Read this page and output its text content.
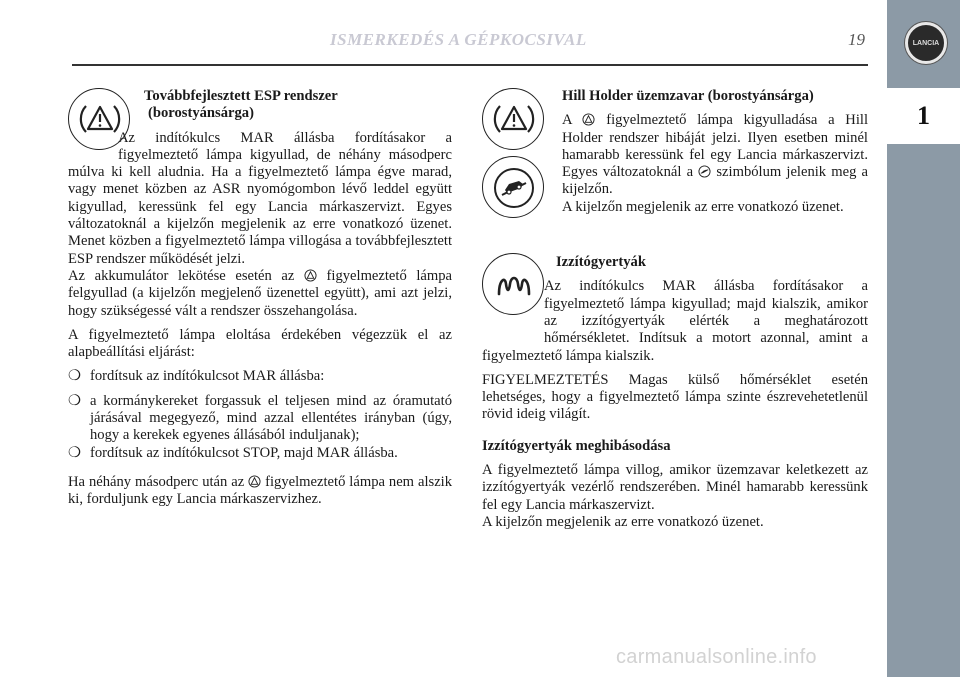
ISMERKEDÉS A GÉPKOCSIVAL	19	LANCIA
1

Továbbfejlesztett ESP rendszer

(borostyánsárga)

Az indítókulcs MAR állásba fordításakor a figyelmeztető lámpa kigyullad, de néhány másodperc múlva ki kell aludnia. Ha a figyelmeztető lámpa égve marad, vagy menet közben az ASR nyomógombon lévő leddel együtt kigyullad, keressünk fel egy Lancia márkaszervizt. Egyes változatoknál a kijelzőn megjelenik az erre vonatkozó üzenet. Menet közben a figyelmeztető lámpa villogása a továbbfejlesztett ESP rendszer működését jelzi.

Az akkumulátor lekötése esetén az figyelmeztető lámpa felgyullad (a kijelzőn megjelenő üzenettel együtt), ami azt jelzi, hogy szükségessé vált a rendszer összehangolása.

A figyelmeztető lámpa eloltása érdekében végezzük el az alapbeállítási eljárást:

❍ fordítsuk az indítókulcsot MAR állásba:
❍ a kormánykereket forgassuk el teljesen mind az óramutató járásával megegyező, mind azzal ellentétes irányban (úgy, hogy a kerekek egyenes állásából induljanak);
❍ fordítsuk az indítókulcsot STOP, majd MAR állásba.

Ha néhány másodperc után az figyelmeztető lámpa nem alszik ki, forduljunk egy Lancia márkaszervizhez.

Hill Holder üzemzavar (borostyánsárga)

A figyelmeztető lámpa kigyulladása a Hill Holder rendszer hibáját jelzi. Ilyen esetben minél hamarabb keressünk fel egy Lancia márkaszervizt. Egyes változatoknál a szimbólum jelenik meg a kijelzőn.

A kijelzőn megjelenik az erre vonatkozó üzenet.

Izzítógyertyák

Az indítókulcs MAR állásba fordításakor a figyelmeztető lámpa kigyullad; majd kialszik, amikor az izzítógyertyák elérték a meghatározott hőmérsékletet. Indítsuk a motort azonnal, amint a figyelmeztető lámpa kialszik.

FIGYELMEZTETÉS Magas külső hőmérséklet esetén lehetséges, hogy a figyelmeztető lámpa szinte észrevehetetlenül rövid ideig világít.

Izzítógyertyák meghibásodása

A figyelmeztető lámpa villog, amikor üzemzavar keletkezett az izzítógyertyák vezérlő rendszerében. Minél hamarabb keressünk fel egy Lancia márkaszervizt.

A kijelzőn megjelenik az erre vonatkozó üzenet.

carmanualsonline.info
